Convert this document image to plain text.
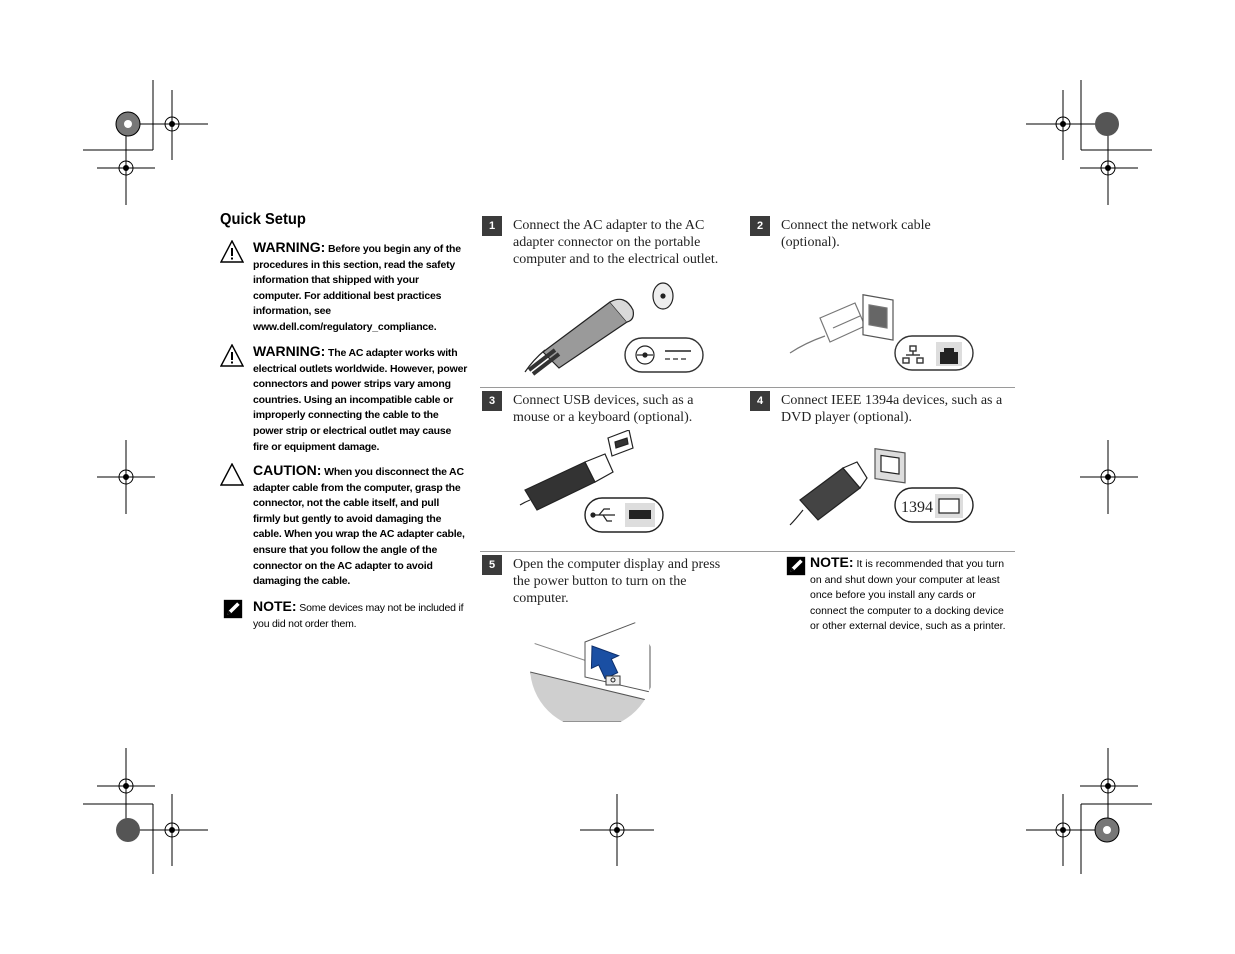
Quick Setup
WARNING: Before you begin any of the procedures in this section, read the safety information that shipped with your computer. For additional best practices information, see www.dell.com/regulatory_compliance.
WARNING: The AC adapter works with electrical outlets worldwide. However, power connectors and power strips vary among countries. Using an incompatible cable or improperly connecting the cable to the power strip or electrical outlet may cause fire or equipment damage.
CAUTION: When you disconnect the AC adapter cable from the computer, grasp the connector, not the cable itself, and pull firmly but gently to avoid damaging the cable. When you wrap the AC adapter cable, ensure that you follow the angle of the connector on the AC adapter to avoid damaging the cable.
NOTE: Some devices may not be included if you did not order them.
1	Connect the AC adapter to the AC adapter connector on the portable computer and to the electrical outlet.
2	Connect the network cable (optional).
3	Connect USB devices, such as a mouse or a keyboard (optional).
4	Connect IEEE 1394a devices, such as a DVD player (optional).
5	Open the computer display and press the power button to turn on the computer.
NOTE: It is recommended that you turn on and shut down your computer at least once before you install any cards or connect the computer to a docking device or other external device, such as a printer.
1394
